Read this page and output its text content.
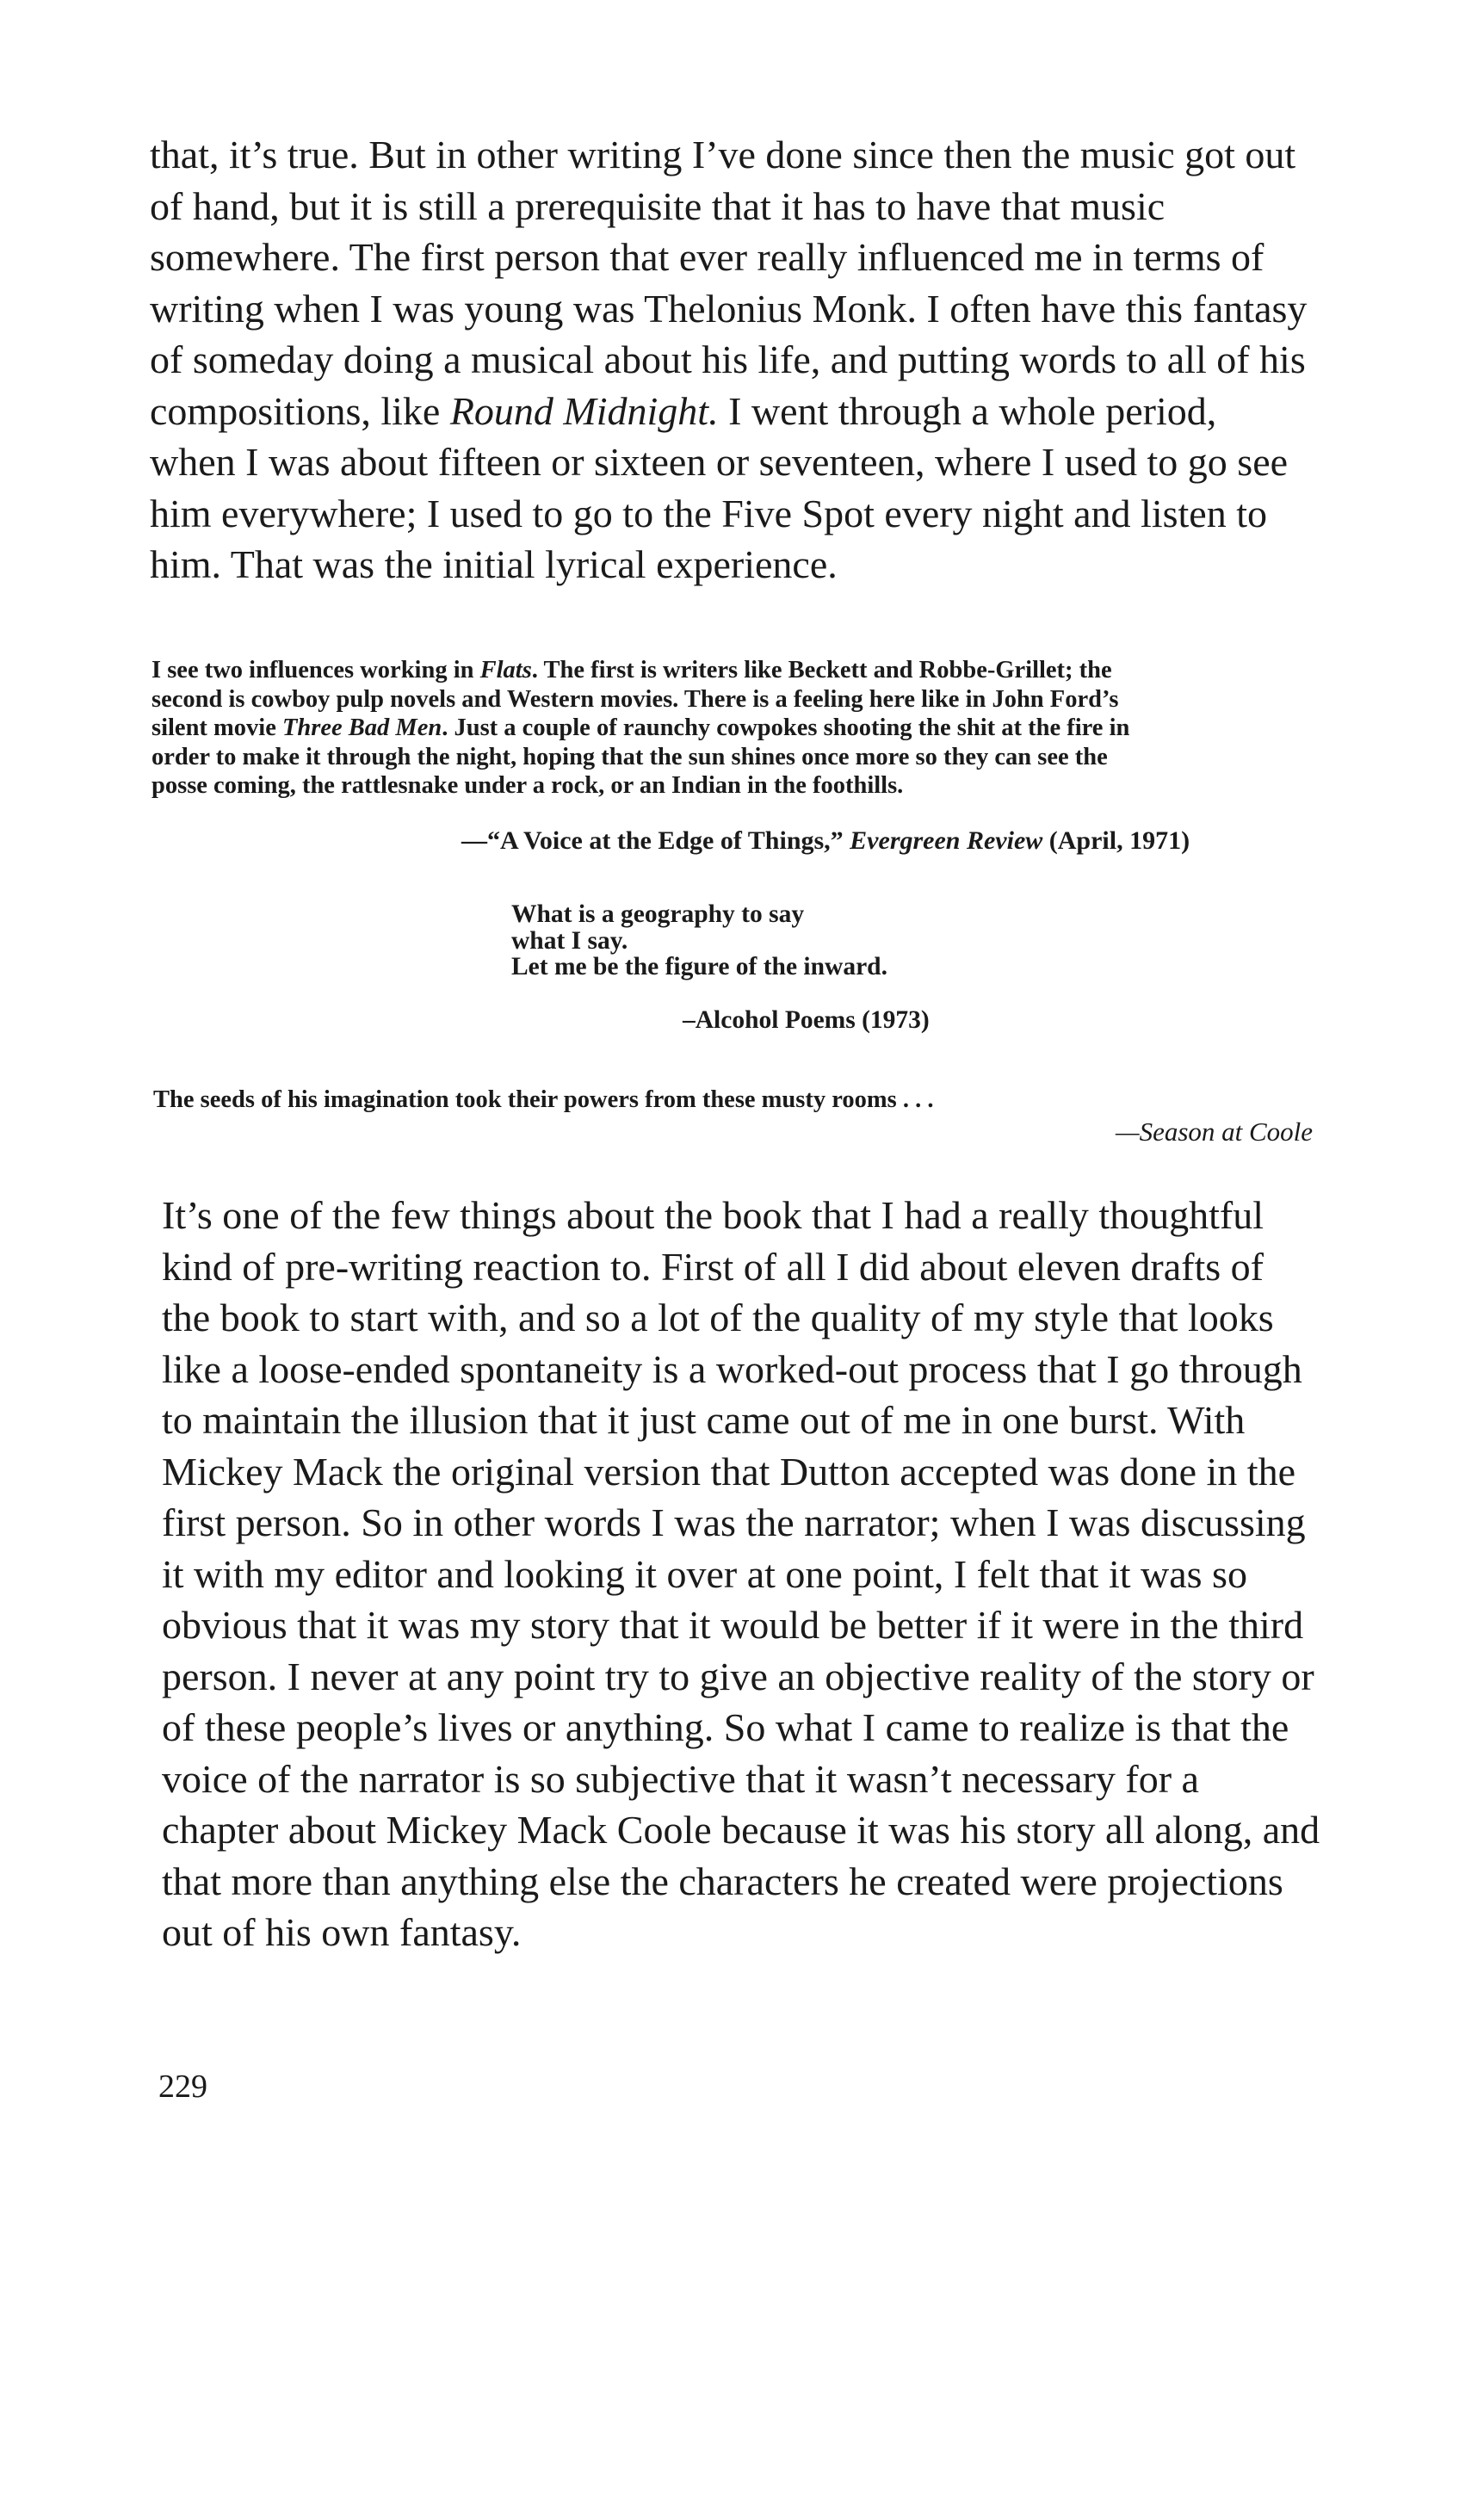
that, it’s true. But in other writing I’ve done since then the music got out
of hand, but it is still a prerequisite that it has to have that music
somewhere. The first person that ever really influenced me in terms of
writing when I was young was Thelonius Monk. I often have this fantasy
of someday doing a musical about his life, and putting words to all of his
compositions, like Round Midnight. I went through a whole period,
when I was about fifteen or sixteen or seventeen, where I used to go see
him everywhere; I used to go to the Five Spot every night and listen to
him. That was the initial lyrical experience.
I see two influences working in Flats. The first is writers like Beckett and Robbe-Grillet; the
second is cowboy pulp novels and Western movies. There is a feeling here like in John Ford’s
silent movie Three Bad Men. Just a couple of raunchy cowpokes shooting the shit at the fire in
order to make it through the night, hoping that the sun shines once more so they can see the
posse coming, the rattlesnake under a rock, or an Indian in the foothills.
—“A Voice at the Edge of Things,” Evergreen Review (April, 1971)
What is a geography to say
what I say.
Let me be the figure of the inward.
–Alcohol Poems (1973)
The seeds of his imagination took their powers from these musty rooms . . .
—Season at Coole
It’s one of the few things about the book that I had a really thoughtful
kind of pre-writing reaction to. First of all I did about eleven drafts of
the book to start with, and so a lot of the quality of my style that looks
like a loose-ended spontaneity is a worked-out process that I go through
to maintain the illusion that it just came out of me in one burst. With
Mickey Mack the original version that Dutton accepted was done in the
first person. So in other words I was the narrator; when I was discussing
it with my editor and looking it over at one point, I felt that it was so
obvious that it was my story that it would be better if it were in the third
person. I never at any point try to give an objective reality of the story or
of these people’s lives or anything. So what I came to realize is that the
voice of the narrator is so subjective that it wasn’t necessary for a
chapter about Mickey Mack Coole because it was his story all along, and
that more than anything else the characters he created were projections
out of his own fantasy.
229
